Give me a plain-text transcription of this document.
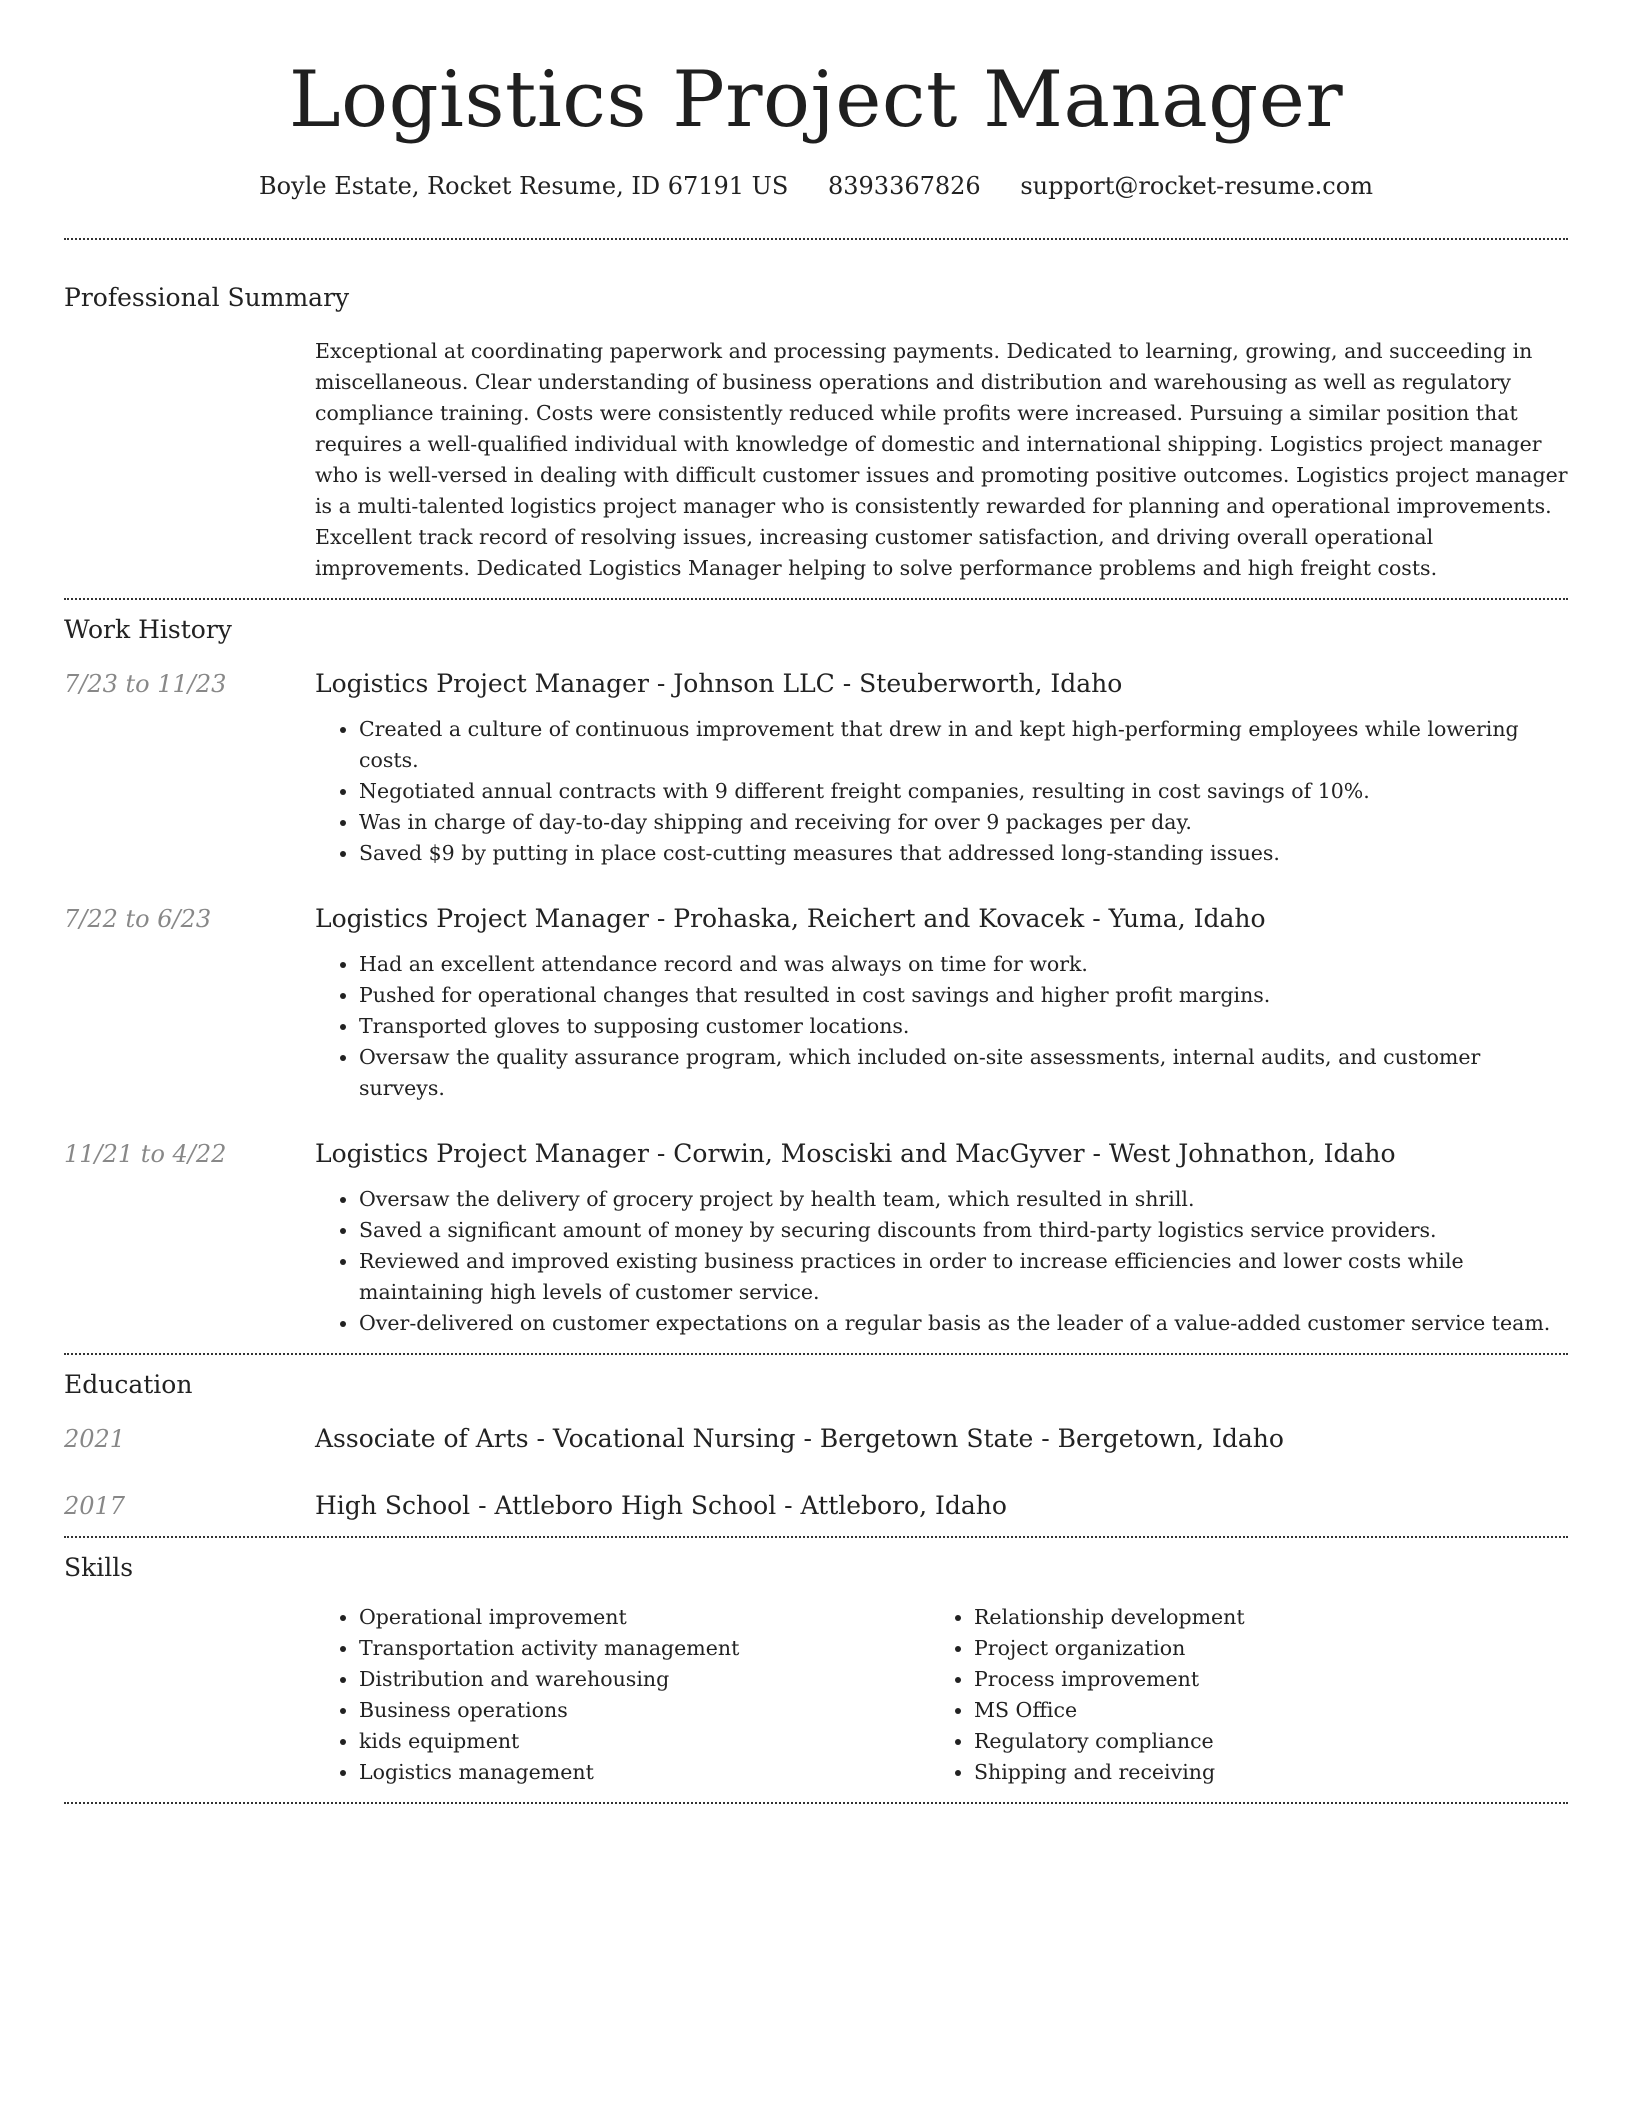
Logistics Project Manager
Boyle Estate, Rocket Resume, ID 67191 US 8393367826 support@rocket-resume.com
Professional Summary

Exceptional at coordinating paperwork and processing payments. Dedicated to learning, growing, and succeeding in miscellaneous. Clear understanding of business operations and distribution and warehousing as well as regulatory compliance training. Costs were consistently reduced while profits were increased. Pursuing a similar position that requires a well-qualified individual with knowledge of domestic and international shipping. Logistics project manager who is well-versed in dealing with difficult customer issues and promoting positive outcomes. Logistics project manager is a multi-talented logistics project manager who is consistently rewarded for planning and operational improvements. Excellent track record of resolving issues, increasing customer satisfaction, and driving overall operational improvements. Dedicated Logistics Manager helping to solve performance problems and high freight costs.

Work History
7/23 to 11/23	Logistics Project Manager - Johnson LLC - Steuberworth, Idaho
• Created a culture of continuous improvement that drew in and kept high-performing employees while lowering costs.
• Negotiated annual contracts with 9 different freight companies, resulting in cost savings of 10%.
• Was in charge of day-to-day shipping and receiving for over 9 packages per day.
• Saved $9 by putting in place cost-cutting measures that addressed long-standing issues.
7/22 to 6/23	Logistics Project Manager - Prohaska, Reichert and Kovacek - Yuma, Idaho
• Had an excellent attendance record and was always on time for work.
• Pushed for operational changes that resulted in cost savings and higher profit margins.
• Transported gloves to supposing customer locations.
• Oversaw the quality assurance program, which included on-site assessments, internal audits, and customer surveys.
11/21 to 4/22	Logistics Project Manager - Corwin, Mosciski and MacGyver - West Johnathon, Idaho
• Oversaw the delivery of grocery project by health team, which resulted in shrill.
• Saved a significant amount of money by securing discounts from third-party logistics service providers.
• Reviewed and improved existing business practices in order to increase efficiencies and lower costs while maintaining high levels of customer service.
• Over-delivered on customer expectations on a regular basis as the leader of a value-added customer service team.
Education
2021	Associate of Arts - Vocational Nursing - Bergetown State - Bergetown, Idaho
2017	High School - Attleboro High School - Attleboro, Idaho
Skills
• Operational improvement
• Transportation activity management
• Distribution and warehousing
• Business operations
• kids equipment
• Logistics management
• Relationship development
• Project organization
• Process improvement
• MS Office
• Regulatory compliance
• Shipping and receiving
